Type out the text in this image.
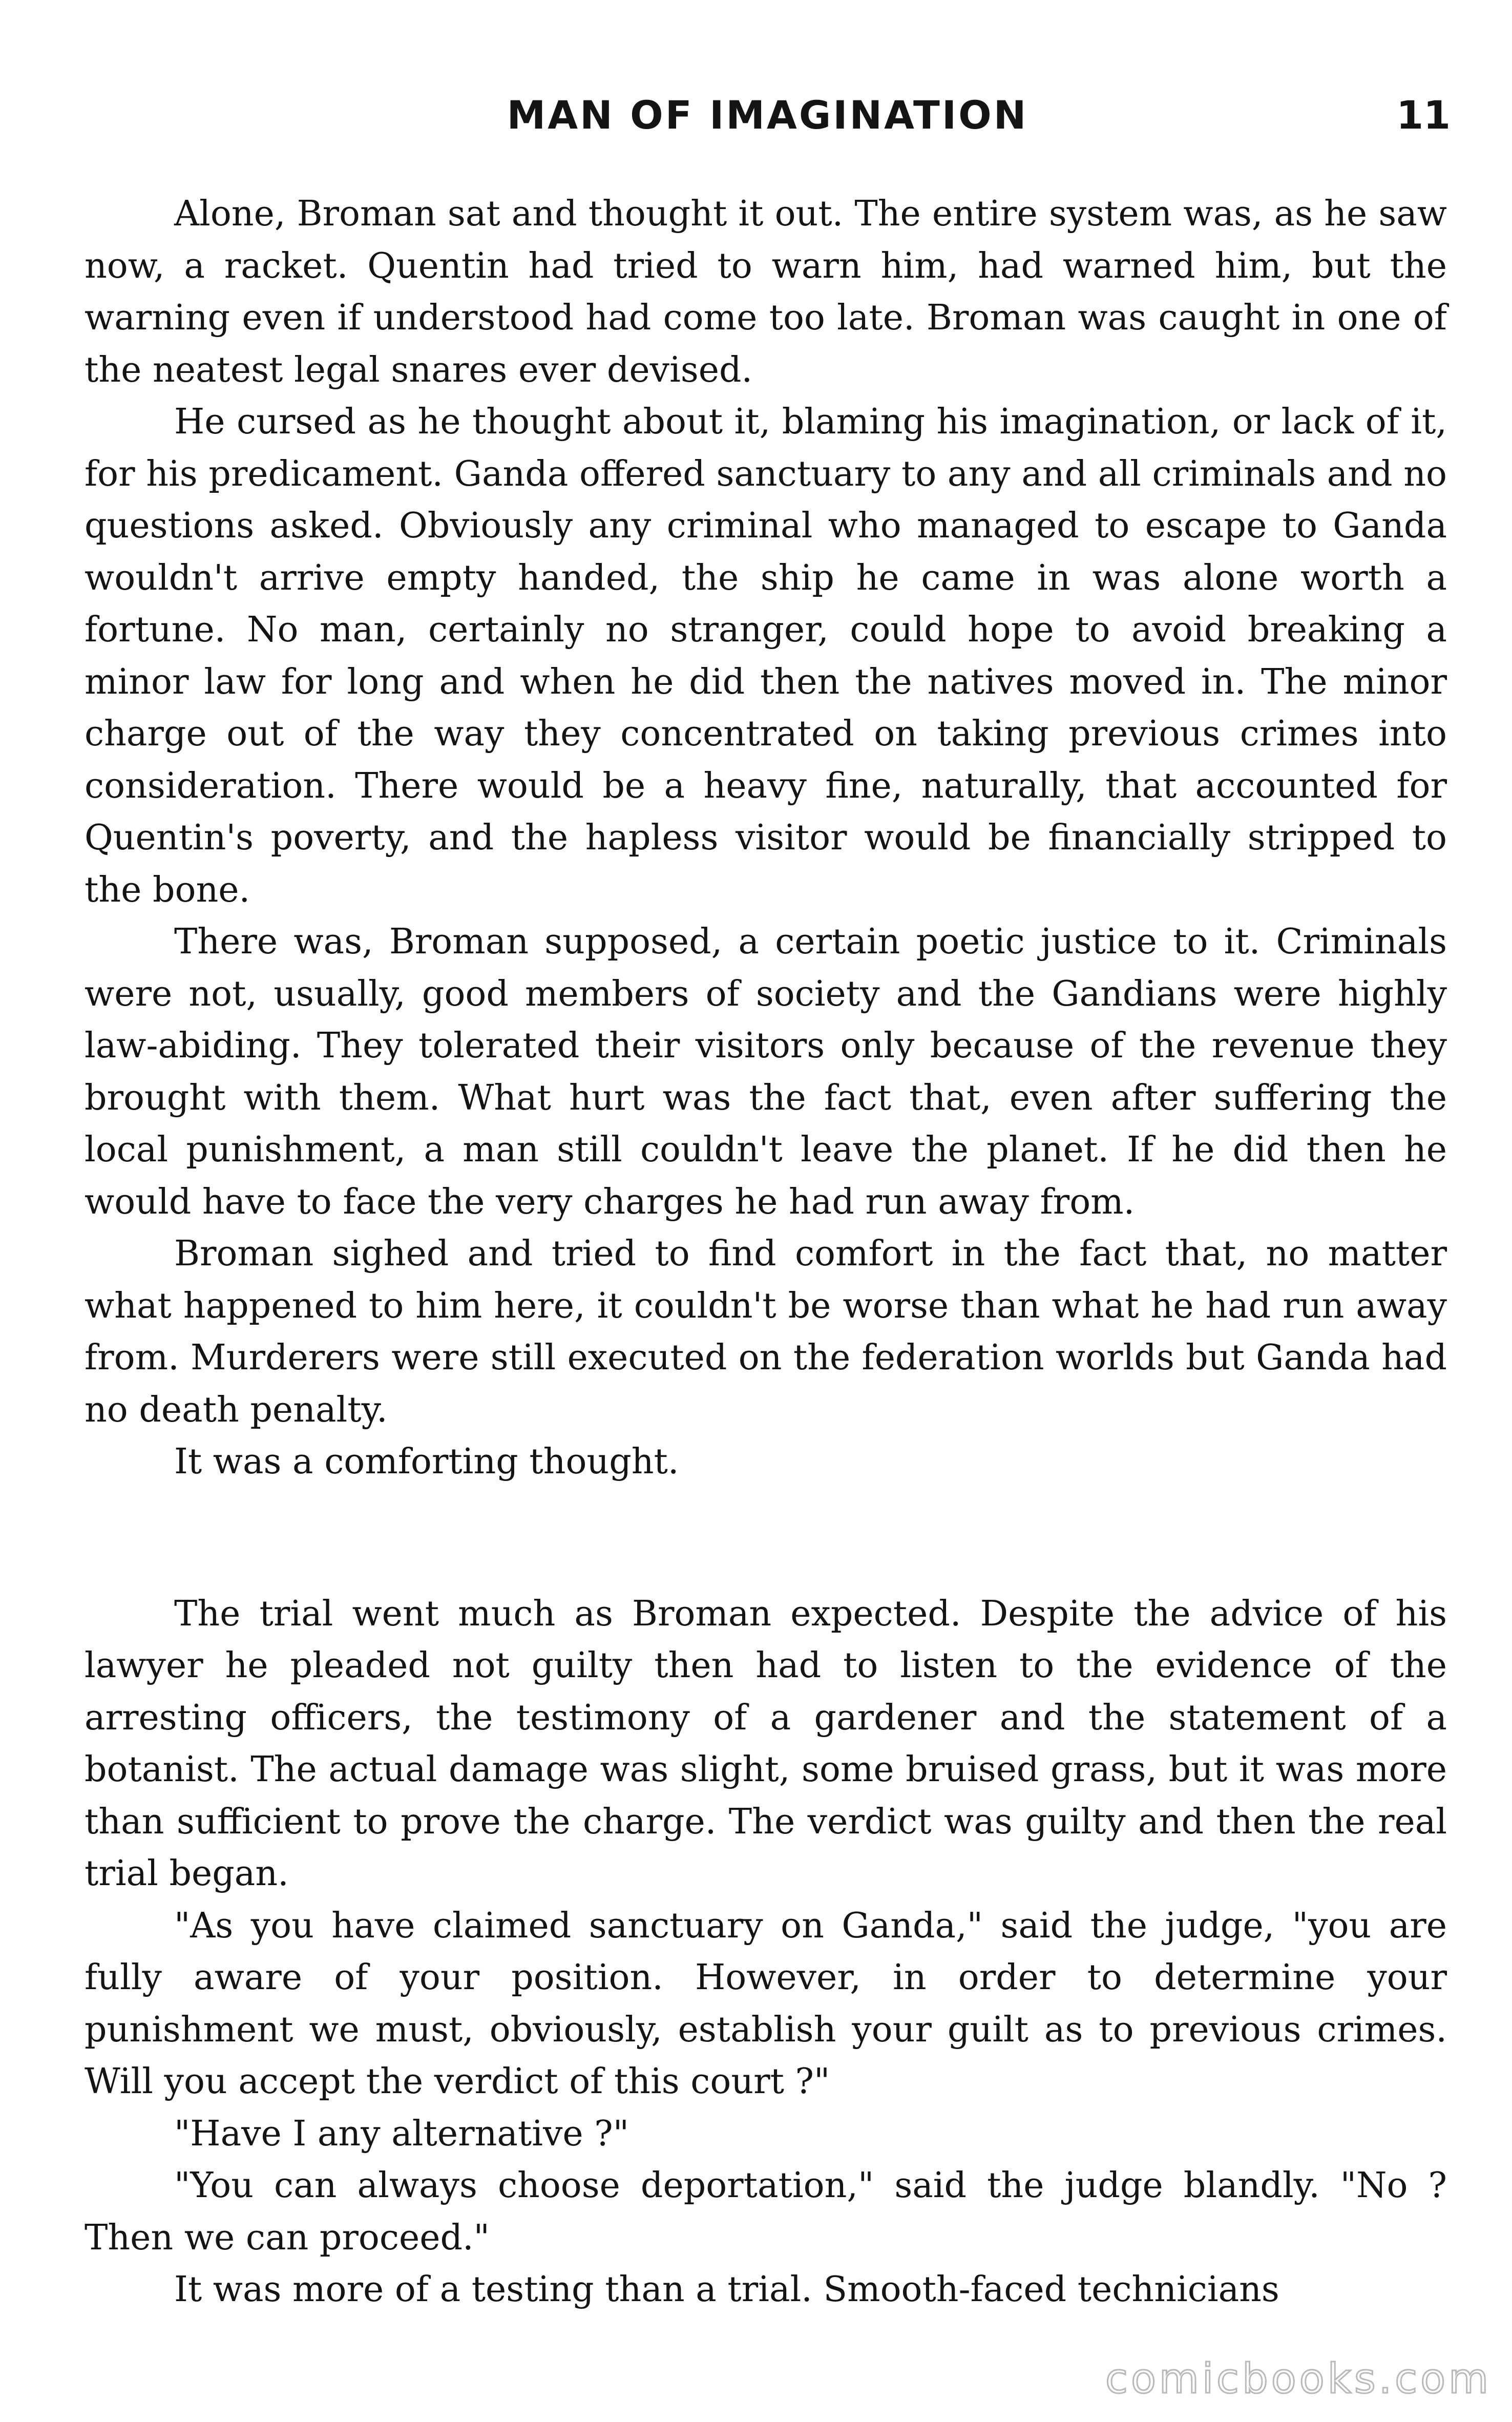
MAN OF IMAGINATION	11

Alone, Broman sat and thought it out. The entire system was, as he saw now, a racket. Quentin had tried to warn him, had warned him, but the warning even if understood had come too late. Broman was caught in one of the neatest legal snares ever devised.

He cursed as he thought about it, blaming his imagination, or lack of it, for his predicament. Ganda offered sanctuary to any and all criminals and no questions asked. Obviously any criminal who managed to escape to Ganda wouldn't arrive empty handed, the ship he came in was alone worth a fortune. No man, certainly no stranger, could hope to avoid breaking a minor law for long and when he did then the natives moved in. The minor charge out of the way they concentrated on taking previous crimes into consideration. There would be a heavy fine, naturally, that accounted for Quentin's poverty, and the hapless visitor would be financially stripped to the bone.

There was, Broman supposed, a certain poetic justice to it. Criminals were not, usually, good members of society and the Gandians were highly law-abiding. They tolerated their visitors only because of the revenue they brought with them. What hurt was the fact that, even after suffering the local punishment, a man still couldn't leave the planet. If he did then he would have to face the very charges he had run away from.

Broman sighed and tried to find comfort in the fact that, no matter what happened to him here, it couldn't be worse than what he had run away from. Murderers were still executed on the federation worlds but Ganda had no death penalty.

It was a comforting thought.

The trial went much as Broman expected. Despite the advice of his lawyer he pleaded not guilty then had to listen to the evidence of the arresting officers, the testimony of a gardener and the statement of a botanist. The actual damage was slight, some bruised grass, but it was more than sufficient to prove the charge. The verdict was guilty and then the real trial began.

"As you have claimed sanctuary on Ganda," said the judge, "you are fully aware of your position. However, in order to determine your punishment we must, obviously, establish your guilt as to previous crimes. Will you accept the verdict of this court ?"

"Have I any alternative ?"

"You can always choose deportation," said the judge blandly. "No ? Then we can proceed."

It was more of a testing than a trial. Smooth-faced technicians

comicbooks.com
